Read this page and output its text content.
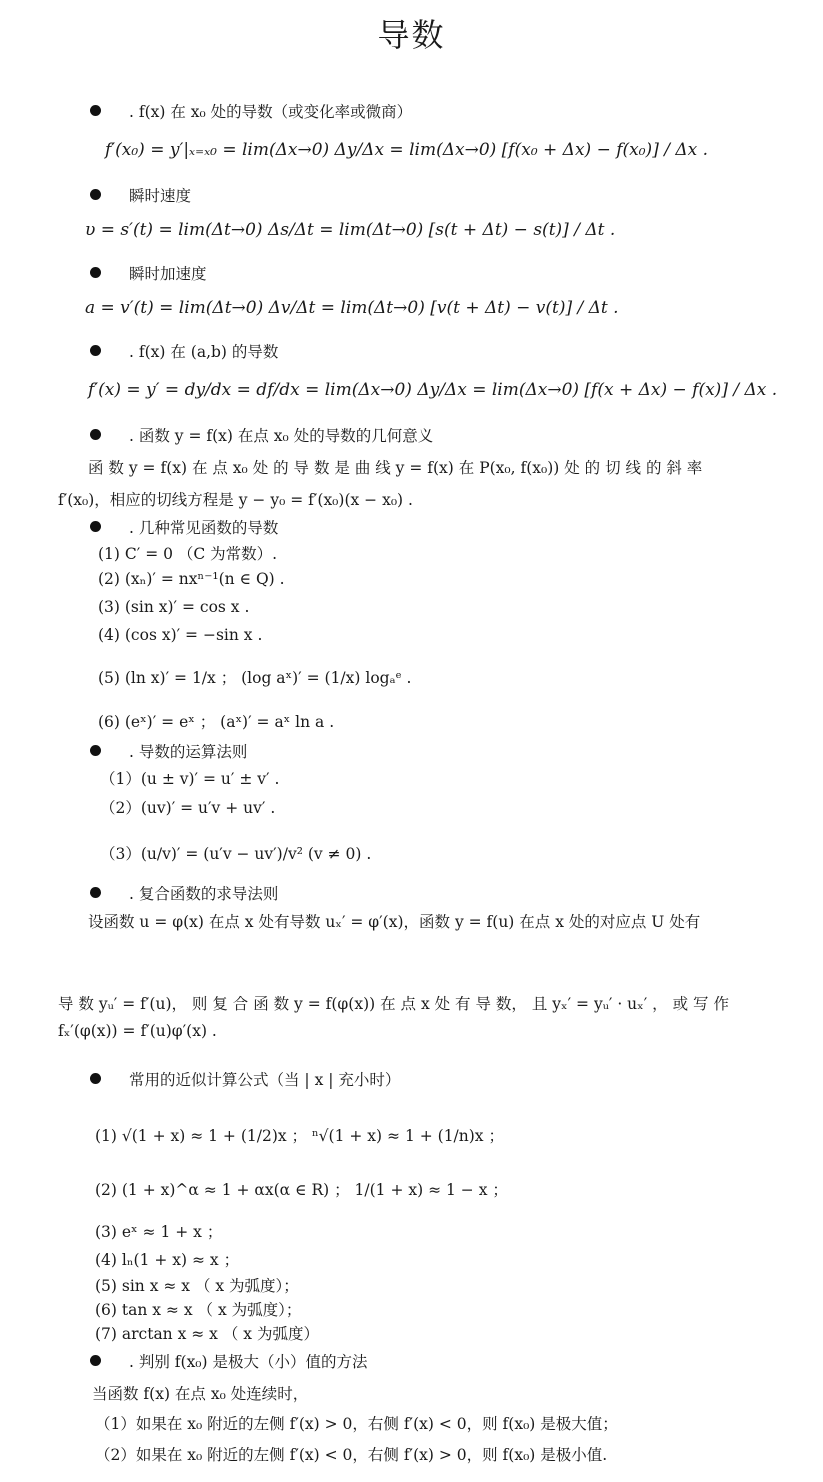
导数
. f(x) 在 x₀ 处的导数（或变化率或微商）
f′(x₀) = y′|ₓ₌ₓ₀ = lim(Δx→0) Δy/Δx = lim(Δx→0) [f(x₀ + Δx) − f(x₀)] / Δx .
瞬时速度
υ = s′(t) = lim(Δt→0) Δs/Δt = lim(Δt→0) [s(t + Δt) − s(t)] / Δt .
瞬时加速度
a = v′(t) = lim(Δt→0) Δv/Δt = lim(Δt→0) [v(t + Δt) − v(t)] / Δt .
. f(x) 在 (a,b) 的导数
f′(x) = y′ = dy/dx = df/dx = lim(Δx→0) Δy/Δx = lim(Δx→0) [f(x + Δx) − f(x)] / Δx .
. 函数 y = f(x) 在点 x₀ 处的导数的几何意义
函 数 y = f(x) 在 点 x₀ 处 的 导 数 是 曲 线 y = f(x) 在 P(x₀, f(x₀)) 处 的 切 线 的 斜 率
f′(x₀)，相应的切线方程是 y − y₀ = f′(x₀)(x − x₀) .
. 几种常见函数的导数
(1) C′ = 0 （C 为常数）.
(2) (xₙ)′ = nxⁿ⁻¹(n ∈ Q) .
(3) (sin x)′ = cos x .
(4) (cos x)′ = −sin x .
(5) (ln x)′ = 1/x ； (log aˣ)′ = (1/x) logₐᵉ .
(6) (eˣ)′ = eˣ ； (aˣ)′ = aˣ ln a .
. 导数的运算法则
（1）(u ± v)′ = u′ ± v′ .
（2）(uv)′ = u′v + uv′ .
（3）(u/v)′ = (u′v − uv′)/v² (v ≠ 0) .
. 复合函数的求导法则
设函数 u = φ(x) 在点 x 处有导数 uₓ′ = φ′(x)，函数 y = f(u) 在点 x 处的对应点 U 处有
导 数 yᵤ′ = f′(u)， 则 复 合 函 数 y = f(φ(x)) 在 点 x 处 有 导 数， 且 yₓ′ = yᵤ′ · uₓ′ ， 或 写 作
fₓ′(φ(x)) = f′(u)φ′(x) .
常用的近似计算公式（当 | x | 充小时）
(1) √(1 + x) ≈ 1 + (1/2)x ； ⁿ√(1 + x) ≈ 1 + (1/n)x ；
(2) (1 + x)^α ≈ 1 + αx(α ∈ R) ； 1/(1 + x) ≈ 1 − x ；
(3) eˣ ≈ 1 + x ；
(4) lₙ(1 + x) ≈ x ；
(5) sin x ≈ x （ x 为弧度）；
(6) tan x ≈ x （ x 为弧度）；
(7) arctan x ≈ x （ x 为弧度）
. 判别 f(x₀) 是极大（小）值的方法
当函数 f(x) 在点 x₀ 处连续时，
（1）如果在 x₀ 附近的左侧 f′(x) > 0，右侧 f′(x) < 0，则 f(x₀) 是极大值；
（2）如果在 x₀ 附近的左侧 f′(x) < 0，右侧 f′(x) > 0，则 f(x₀) 是极小值.
